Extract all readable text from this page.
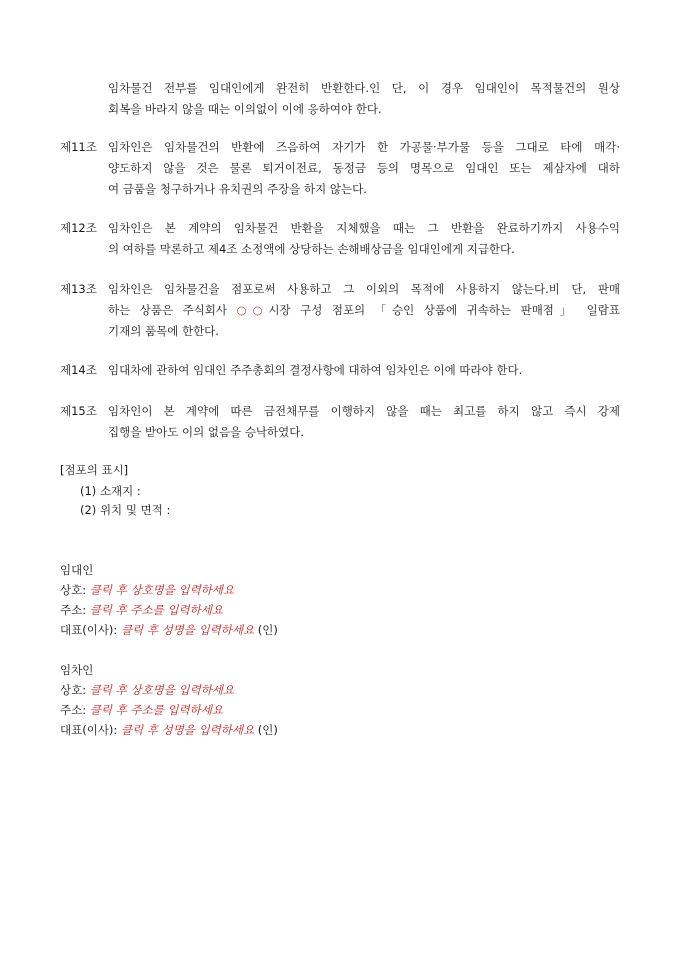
임차물건 전부를 임대인에게 완전히 반환한다.인 단, 이 경우 임대인이 목적물건의 원상
회복을 바라지 않을 때는 이의없이 이에 응하여야 한다.
제11조 임차인은 임차물건의 반환에 즈음하여 자기가 한 가공물·부가물 등을 그대로 타에 매각·
양도하지 않을 것은 물론 퇴거이전료, 동정금 등의 명목으로 임대인 또는 제삼자에 대하
여 금품을 청구하거나 유치권의 주장을 하지 않는다.
제12조 임차인은 본 계약의 임차물건 반환을 지체했을 때는 그 반환을 완료하기까지 사용수익
의 여하를 막론하고 제4조 소정액에 상당하는 손해배상금을 임대인에게 지급한다.
제13조 임차인은 임차물건을 점포로써 사용하고 그 이외의 목적에 사용하지 않는다.비 단, 판매
하는 상품은 주식회사 ○○시장 구성 점포의 「승인 상품에 귀속하는 판매점」 일람표
기재의 품목에 한한다.
제14조 임대차에 관하여 임대인 주주총회의 결정사항에 대하여 임차인은 이에 따라야 한다.
제15조 임차인이 본 계약에 따른 금전채무를 이행하지 않을 때는 최고를 하지 않고 즉시 강제
집행을 받아도 이의 없음을 승낙하였다.
[점포의 표시]
(1) 소재지 :
(2) 위치 및 면적 :
임대인
상호: 클릭 후 상호명을 입력하세요
주소: 클릭 후 주소를 입력하세요
대표(이사): 클릭 후 성명을 입력하세요 (인)
임차인
상호: 클릭 후 상호명을 입력하세요
주소: 클릭 후 주소를 입력하세요
대표(이사): 클릭 후 성명을 입력하세요 (인)
